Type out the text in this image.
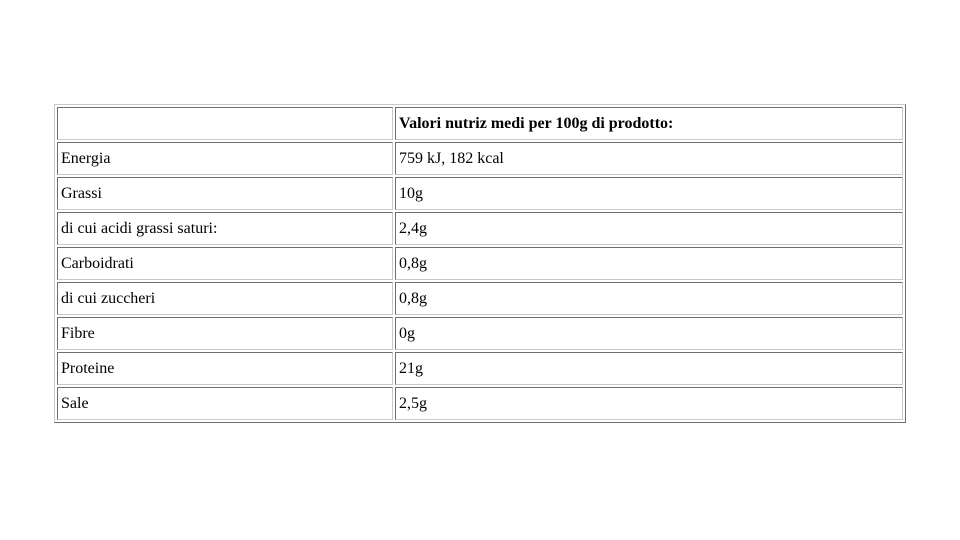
	Valori nutriz medi per 100g di prodotto:
Energia	759 kJ, 182 kcal
Grassi	10g
di cui acidi grassi saturi:	2,4g
Carboidrati	0,8g
di cui zuccheri	0,8g
Fibre	0g
Proteine	21g
Sale	2,5g
